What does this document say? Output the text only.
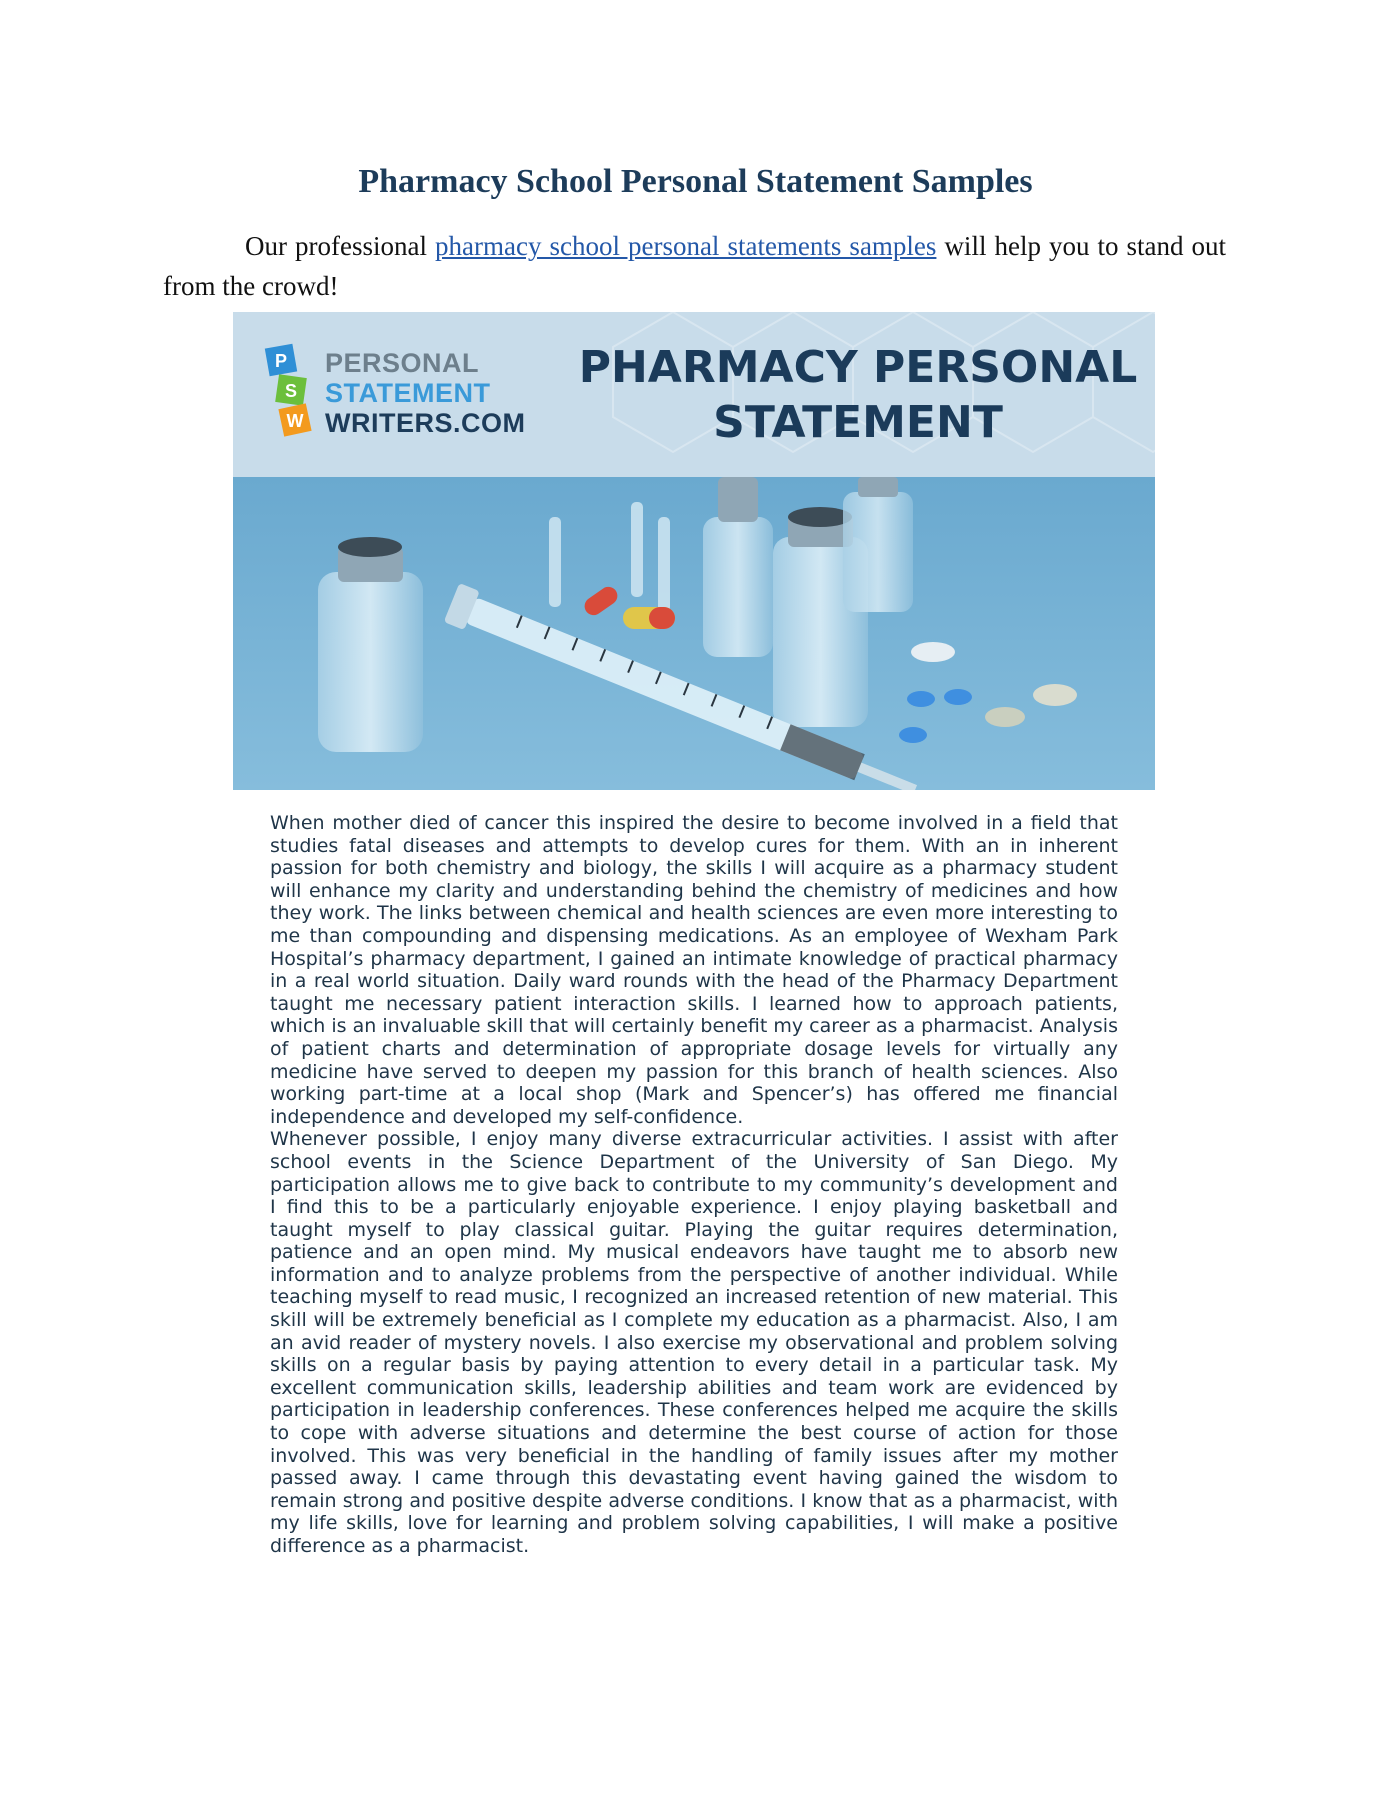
Pharmacy School Personal Statement Samples

Our professional pharmacy school personal statements samples will help you to stand out from the crowd!

P
S
W
PERSONAL
STATEMENT
WRITERS.COM
PHARMACY PERSONAL
STATEMENT

When mother died of cancer this inspired the desire to become involved in a field that studies fatal diseases and attempts to develop cures for them. With an in inherent passion for both chemistry and biology, the skills I will acquire as a pharmacy student will enhance my clarity and understanding behind the chemistry of medicines and how they work. The links between chemical and health sciences are even more interesting to me than compounding and dispensing medications. As an employee of Wexham Park Hospital’s pharmacy department, I gained an intimate knowledge of practical pharmacy in a real world situation. Daily ward rounds with the head of the Pharmacy Department taught me necessary patient interaction skills. I learned how to approach patients, which is an invaluable skill that will certainly benefit my career as a pharmacist. Analysis of patient charts and determination of appropriate dosage levels for virtually any medicine have served to deepen my passion for this branch of health sciences. Also working part-time at a local shop (Mark and Spencer’s) has offered me financial independence and developed my self-confidence.

Whenever possible, I enjoy many diverse extracurricular activities. I assist with after school events in the Science Department of the University of San Diego. My participation allows me to give back to contribute to my community’s development and I find this to be a particularly enjoyable experience. I enjoy playing basketball and taught myself to play classical guitar. Playing the guitar requires determination, patience and an open mind. My musical endeavors have taught me to absorb new information and to analyze problems from the perspective of another individual. While teaching myself to read music, I recognized an increased retention of new material. This skill will be extremely beneficial as I complete my education as a pharmacist. Also, I am an avid reader of mystery novels. I also exercise my observational and problem solving skills on a regular basis by paying attention to every detail in a particular task. My excellent communication skills, leadership abilities and team work are evidenced by participation in leadership conferences. These conferences helped me acquire the skills to cope with adverse situations and determine the best course of action for those involved. This was very beneficial in the handling of family issues after my mother passed away. I came through this devastating event having gained the wisdom to remain strong and positive despite adverse conditions. I know that as a pharmacist, with my life skills, love for learning and problem solving capabilities, I will make a positive difference as a pharmacist.
